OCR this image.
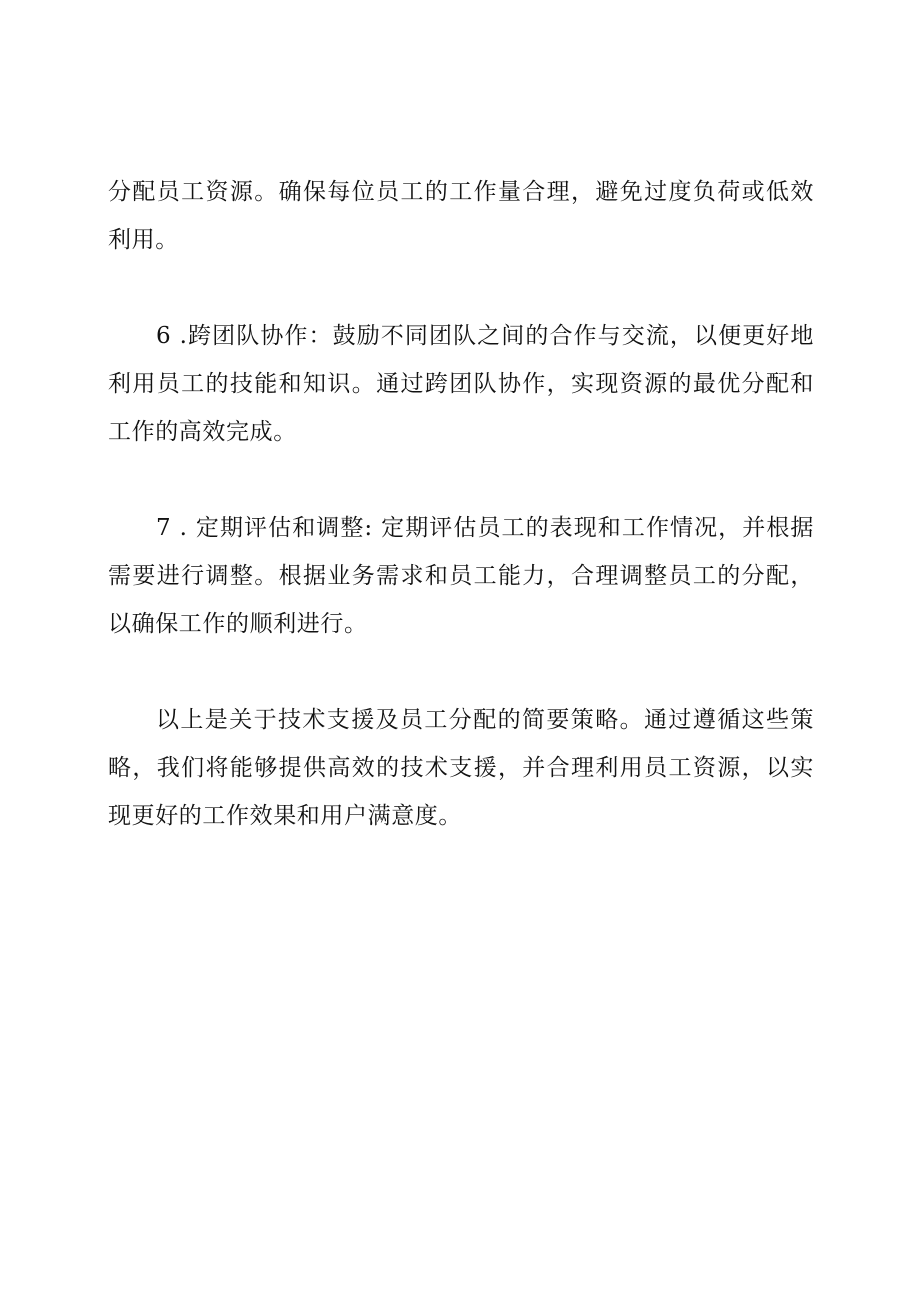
分配员工资源。确保每位员工的工作量合理，避免过度负荷或低效利用。

6 .跨团队协作：鼓励不同团队之间的合作与交流，以便更好地利用员工的技能和知识。通过跨团队协作，实现资源的最优分配和工作的高效完成。

7 . 定期评估和调整: 定期评估员工的表现和工作情况，并根据需要进行调整。根据业务需求和员工能力，合理调整员工的分配，以确保工作的顺利进行。

以上是关于技术支援及员工分配的简要策略。通过遵循这些策略，我们将能够提供高效的技术支援，并合理利用员工资源，以实现更好的工作效果和用户满意度。
